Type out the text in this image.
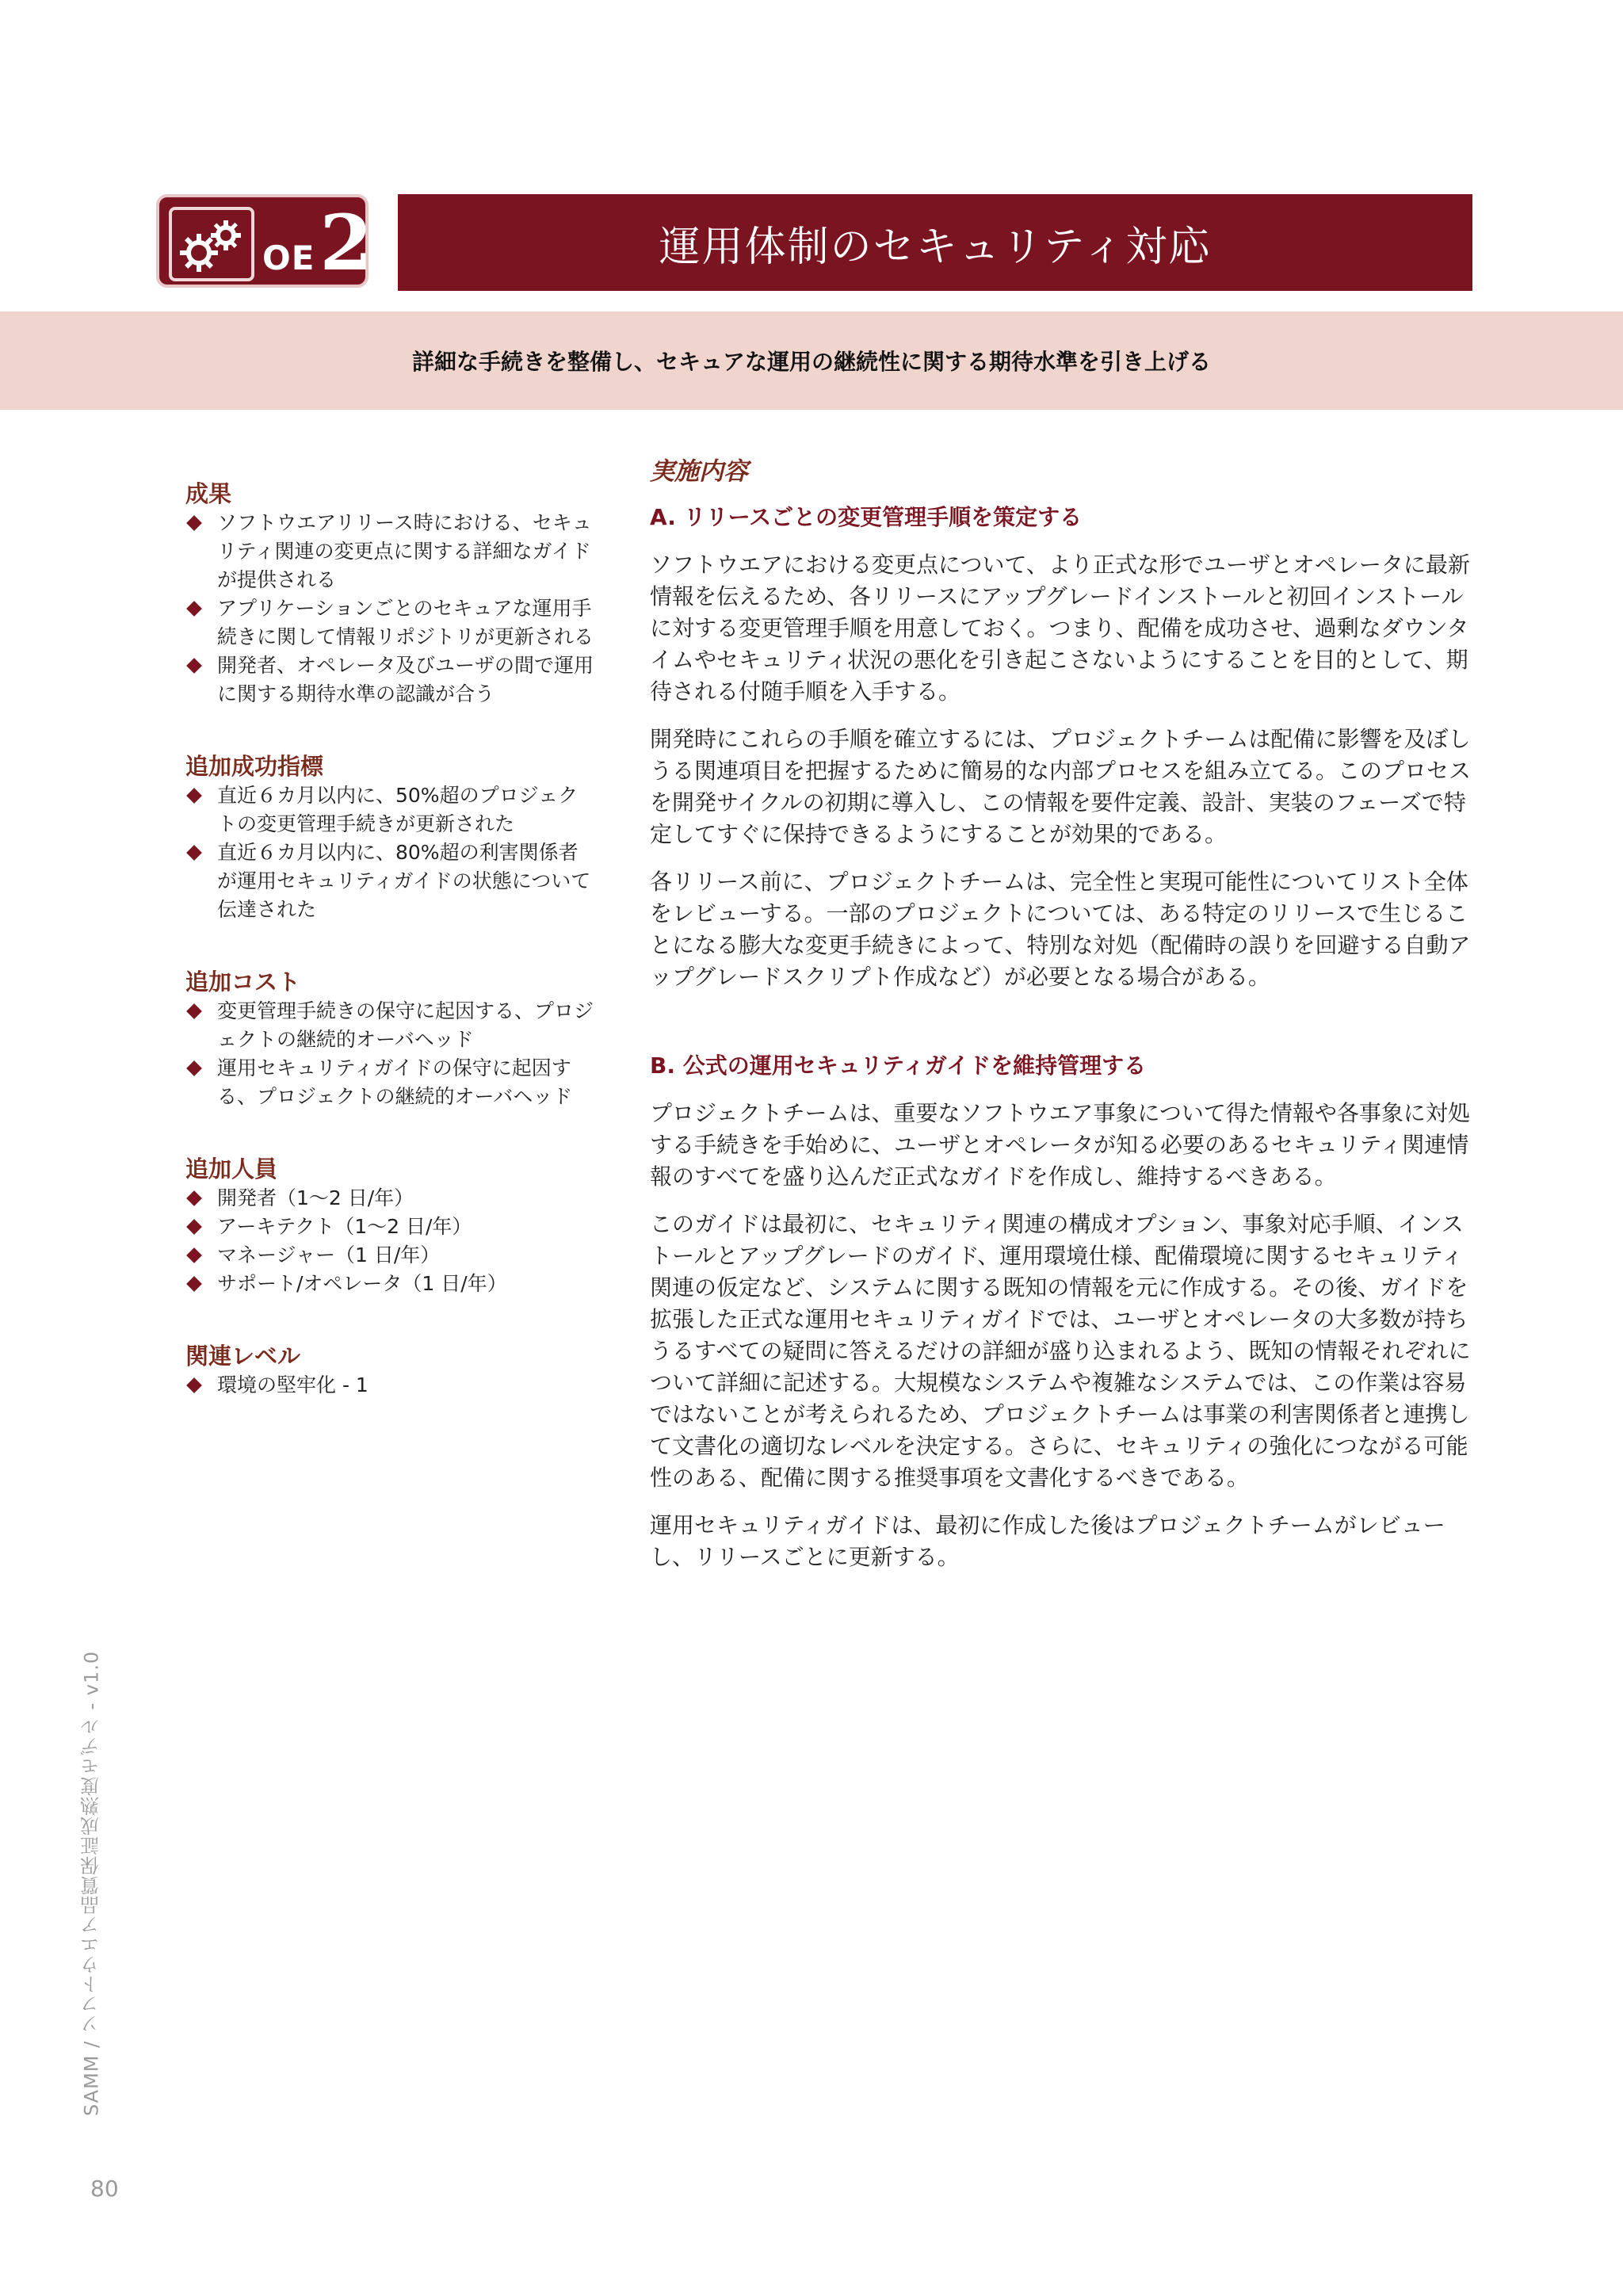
OE 2	運用体制のセキュリティ対応

詳細な手続きを整備し、セキュアな運用の継続性に関する期待水準を引き上げる

成果
ソフトウエアリリース時における、セキュリティ関連の変更点に関する詳細なガイドが提供される
アプリケーションごとのセキュアな運用手続きに関して情報リポジトリが更新される
開発者、オペレータ及びユーザの間で運用に関する期待水準の認識が合う
追加成功指標
直近６カ月以内に、50%超のプロジェクトの変更管理手続きが更新された
直近６カ月以内に、80%超の利害関係者が運用セキュリティガイドの状態について伝達された
追加コスト
変更管理手続きの保守に起因する、プロジェクトの継続的オーバヘッド
運用セキュリティガイドの保守に起因する、プロジェクトの継続的オーバヘッド
追加人員
開発者（1〜2 日/年）
アーキテクト（1〜2 日/年）
マネージャー（1 日/年）
サポート/オペレータ（1 日/年）
関連レベル
環境の堅牢化 - 1
実施内容
A. リリースごとの変更管理手順を策定する

ソフトウエアにおける変更点について、より正式な形でユーザとオペレータに最新情報を伝えるため、各リリースにアップグレードインストールと初回インストールに対する変更管理手順を用意しておく。つまり、配備を成功させ、過剰なダウンタイムやセキュリティ状況の悪化を引き起こさないようにすることを目的として、期待される付随手順を入手する。

開発時にこれらの手順を確立するには、プロジェクトチームは配備に影響を及ぼしうる関連項目を把握するために簡易的な内部プロセスを組み立てる。このプロセスを開発サイクルの初期に導入し、この情報を要件定義、設計、実装のフェーズで特定してすぐに保持できるようにすることが効果的である。

各リリース前に、プロジェクトチームは、完全性と実現可能性についてリスト全体をレビューする。一部のプロジェクトについては、ある特定のリリースで生じることになる膨大な変更手続きによって、特別な対処（配備時の誤りを回避する自動アップグレードスクリプト作成など）が必要となる場合がある。

B. 公式の運用セキュリティガイドを維持管理する

プロジェクトチームは、重要なソフトウエア事象について得た情報や各事象に対処する手続きを手始めに、ユーザとオペレータが知る必要のあるセキュリティ関連情報のすべてを盛り込んだ正式なガイドを作成し、維持するべきある。

このガイドは最初に、セキュリティ関連の構成オプション、事象対応手順、インストールとアップグレードのガイド、運用環境仕様、配備環境に関するセキュリティ関連の仮定など、システムに関する既知の情報を元に作成する。その後、ガイドを拡張した正式な運用セキュリティガイドでは、ユーザとオペレータの大多数が持ちうるすべての疑問に答えるだけの詳細が盛り込まれるよう、既知の情報それぞれについて詳細に記述する。大規模なシステムや複雑なシステムでは、この作業は容易ではないことが考えられるため、プロジェクトチームは事業の利害関係者と連携して文書化の適切なレベルを決定する。さらに、セキュリティの強化につながる可能性のある、配備に関する推奨事項を文書化するべきである。

運用セキュリティガイドは、最初に作成した後はプロジェクトチームがレビューし、リリースごとに更新する。

SAMM / ソフトウエア品質保証成熟度モデル - v1.0
80
